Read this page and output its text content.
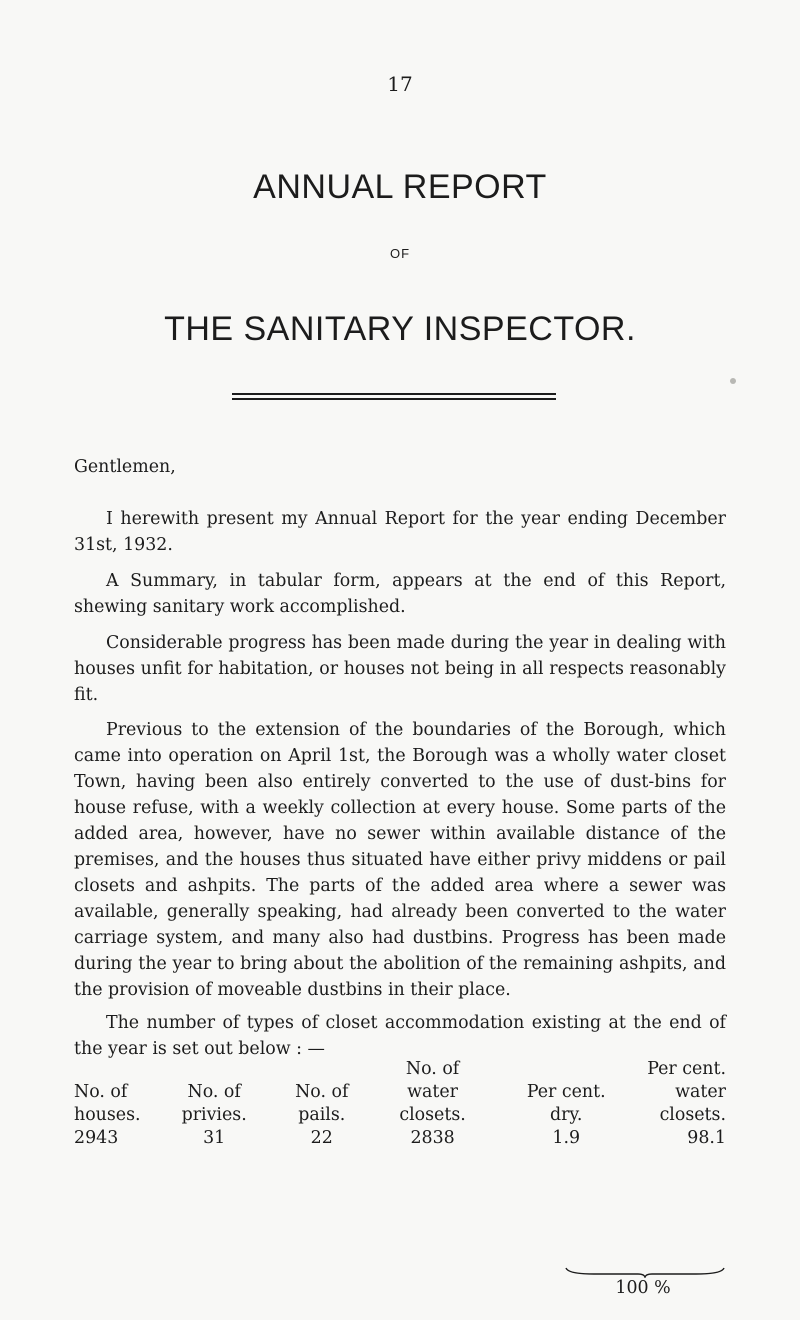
17
ANNUAL REPORT
OF
THE SANITARY INSPECTOR.
Gentlemen,

I herewith present my Annual Report for the year ending December 31st, 1932.

A Summary, in tabular form, appears at the end of this Report, shewing sanitary work accomplished.

Considerable progress has been made during the year in dealing with houses unfit for habitation, or houses not being in all respects reasonably fit.

Previous to the extension of the boundaries of the Borough, which came into operation on April 1st, the Borough was a wholly water closet Town, having been also entirely converted to the use of dust-bins for house refuse, with a weekly collection at every house. Some parts of the added area, however, have no sewer within available distance of the premises, and the houses thus situated have either privy middens or pail closets and ashpits. The parts of the added area where a sewer was available, generally speaking, had already been converted to the water carriage system, and many also had dustbins. Progress has been made during the year to bring about the abolition of the remaining ashpits, and the provision of moveable dustbins in their place.

The number of types of closet accommodation existing at the end of the year is set out below : —

			No. of		Per cent.
No. of	No. of	No. of	water	Per cent.	water
houses.	privies.	pails.	closets.	dry.	closets.
2943	31	22	2838	1.9	98.1
100 %
